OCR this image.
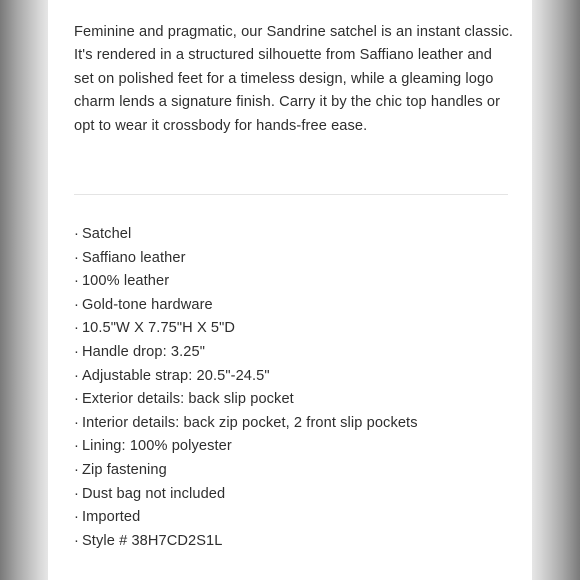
Feminine and pragmatic, our Sandrine satchel is an instant classic. It's rendered in a structured silhouette from Saffiano leather and set on polished feet for a timeless design, while a gleaming logo charm lends a signature finish. Carry it by the chic top handles or opt to wear it crossbody for hands-free ease.

· Satchel
· Saffiano leather
· 100% leather
· Gold-tone hardware
· 10.5"W X 7.75"H X 5"D
· Handle drop: 3.25"
· Adjustable strap: 20.5"-24.5"
· Exterior details: back slip pocket
· Interior details: back zip pocket, 2 front slip pockets
· Lining: 100% polyester
· Zip fastening
· Dust bag not included
· Imported
· Style # 38H7CD2S1L
